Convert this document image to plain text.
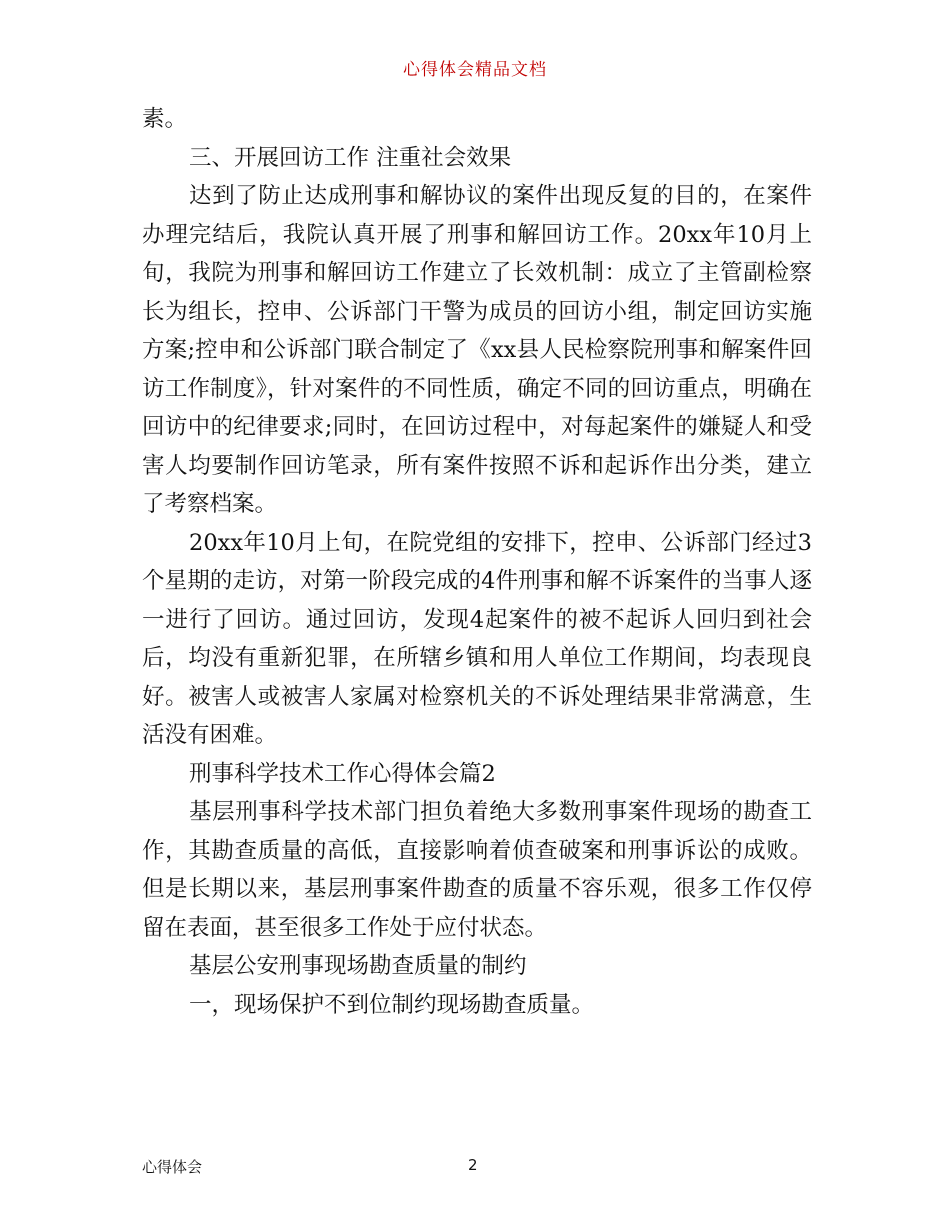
心得体会精品文档

素。

三、开展回访工作 注重社会效果

达到了防止达成刑事和解协议的案件出现反复的目的，在案件办理完结后，我院认真开展了刑事和解回访工作。20xx年10月上旬，我院为刑事和解回访工作建立了长效机制：成立了主管副检察长为组长，控申、公诉部门干警为成员的回访小组，制定回访实施方案;控申和公诉部门联合制定了《xx县人民检察院刑事和解案件回访工作制度》，针对案件的不同性质，确定不同的回访重点，明确在回访中的纪律要求;同时，在回访过程中，对每起案件的嫌疑人和受害人均要制作回访笔录，所有案件按照不诉和起诉作出分类，建立了考察档案。

20xx年10月上旬，在院党组的安排下，控申、公诉部门经过3个星期的走访，对第一阶段完成的4件刑事和解不诉案件的当事人逐一进行了回访。通过回访，发现4起案件的被不起诉人回归到社会后，均没有重新犯罪，在所辖乡镇和用人单位工作期间，均表现良好。被害人或被害人家属对检察机关的不诉处理结果非常满意，生活没有困难。

刑事科学技术工作心得体会篇2

基层刑事科学技术部门担负着绝大多数刑事案件现场的勘查工作，其勘查质量的高低，直接影响着侦查破案和刑事诉讼的成败。但是长期以来，基层刑事案件勘查的质量不容乐观，很多工作仅停留在表面，甚至很多工作处于应付状态。

基层公安刑事现场勘查质量的制约

一，现场保护不到位制约现场勘查质量。

心得体会	2
